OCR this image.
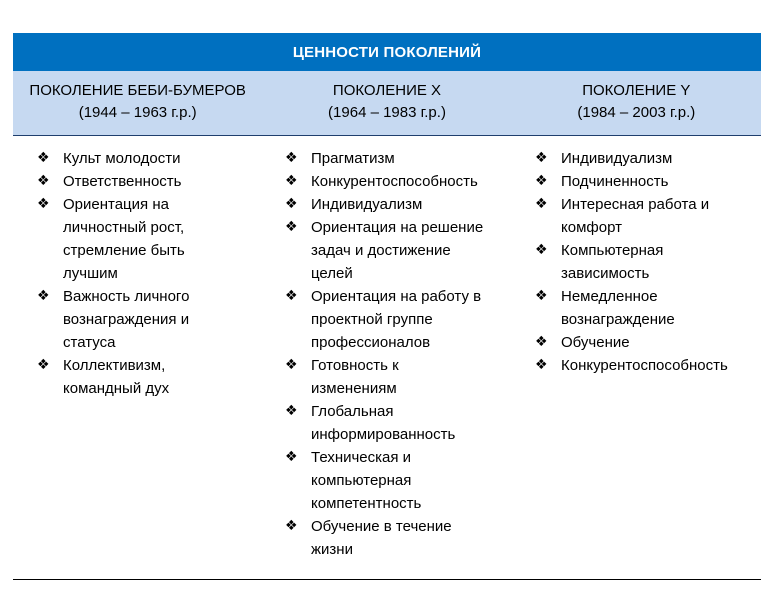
ЦЕННОСТИ ПОКОЛЕНИЙ
ПОКОЛЕНИЕ БЕБИ-БУМЕРОВ
(1944 – 1963 г.р.)
ПОКОЛЕНИЕ X
(1964 – 1983 г.р.)
ПОКОЛЕНИЕ Y
(1984 – 2003 г.р.)
❖ Культ молодости
❖ Ответственность
❖ Ориентация на
личностный рост,
стремление быть
лучшим
❖ Важность личного
вознаграждения и
статуса
❖ Коллективизм,
командный дух
❖ Прагматизм
❖ Конкурентоспособность
❖ Индивидуализм
❖ Ориентация на решение
задач и достижение
целей
❖ Ориентация на работу в
проектной группе
профессионалов
❖ Готовность к
изменениям
❖ Глобальная
информированность
❖ Техническая и
компьютерная
компетентность
❖ Обучение в течение
жизни
❖ Индивидуализм
❖ Подчиненность
❖ Интересная работа и
комфорт
❖ Компьютерная
зависимость
❖ Немедленное
вознаграждение
❖ Обучение
❖ Конкурентоспособность
